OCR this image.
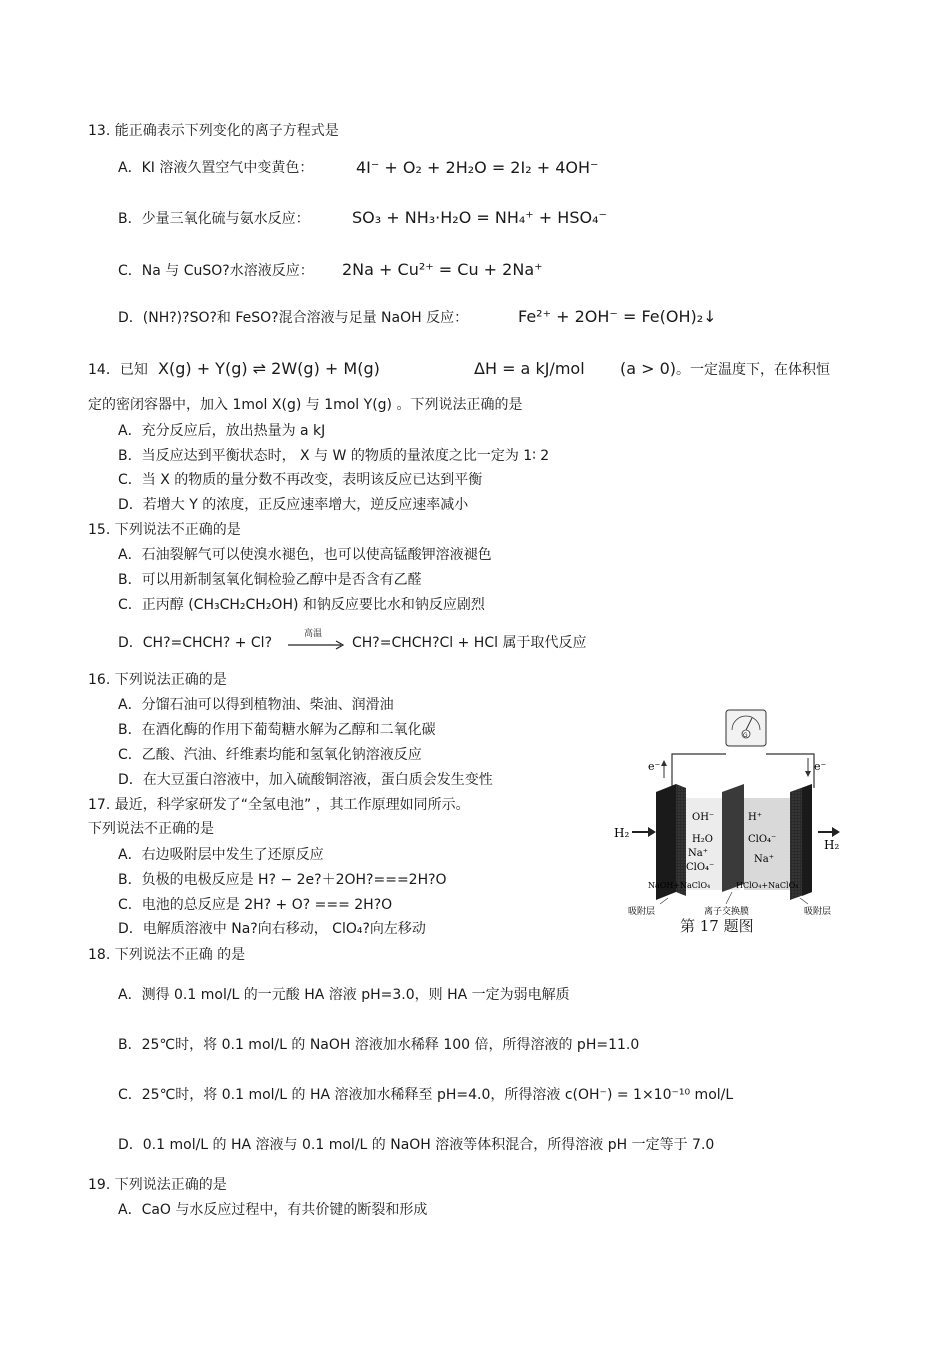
13. 能正确表示下列变化的离子方程式是
A．KI 溶液久置空气中变黄色：	4I⁻ + O₂ + 2H₂O = 2I₂ + 4OH⁻
B．少量三氧化硫与氨水反应：	SO₃ + NH₃·H₂O = NH₄⁺ + HSO₄⁻
C．Na 与 CuSO?水溶液反应： 2Na + Cu²⁺ = Cu + 2Na⁺
D．(NH?)?SO?和 FeSO?混合溶液与足量 NaOH 反应：	Fe²⁺ + 2OH⁻ = Fe(OH)₂↓
14．已知 X(g) + Y(g) ⇌ 2W(g) + M(g)	ΔH = a kJ/mol (a > 0) 。一定温度下，在体积恒
定的密闭容器中，加入 1mol X(g) 与 1mol Y(g) 。下列说法正确的是
A．充分反应后，放出热量为 a kJ
B．当反应达到平衡状态时， X 与 W 的物质的量浓度之比一定为 1∶ 2
C．当 X 的物质的量分数不再改变，表明该反应已达到平衡
D．若增大 Y 的浓度，正反应速率增大，逆反应速率减小
15. 下列说法不正确的是
A．石油裂解气可以使溴水褪色，也可以使高锰酸钾溶液褪色
B．可以用新制氢氧化铜检验乙醇中是否含有乙醛
C．正丙醇 (CH₃CH₂CH₂OH) 和钠反应要比水和钠反应剧烈
D．CH?=CHCH? + Cl?
高温
CH?=CHCH?Cl + HCl 属于取代反应
16. 下列说法正确的是
A．分馏石油可以得到植物油、柴油、润滑油
B．在酒化酶的作用下葡萄糖水解为乙醇和二氧化碳
C．乙酸、汽油、纤维素均能和氢氧化钠溶液反应
D．在大豆蛋白溶液中，加入硫酸铜溶液，蛋白质会发生变性
17. 最近，科学家研发了“全氢电池” ，其工作原理如同所示。
下列说法不正确的是
A．右边吸附层中发生了还原反应
B．负极的电极反应是 H? − 2e?＋2OH?===2H?O
C．电池的总反应是 2H? + O? === 2H?O
D．电解质溶液中 Na?向右移动， ClO₄?向左移动
G
e⁻	e⁻
H₂
H₂
OH⁻
H₂O
Na⁺
ClO₄⁻
H⁺
ClO₄⁻
Na⁺
NaOH+NaClO₄	HClO₄+NaClO₄
吸附层	离子交换膜	吸附层
第 17 题图
18. 下列说法不正确 的是
A．测得 0.1 mol/L 的一元酸 HA 溶液 pH=3.0，则 HA 一定为弱电解质
B．25℃时，将 0.1 mol/L 的 NaOH 溶液加水稀释 100 倍，所得溶液的 pH=11.0
C．25℃时，将 0.1 mol/L 的 HA 溶液加水稀释至 pH=4.0，所得溶液 c(OH⁻) = 1×10⁻¹⁰ mol/L
D．0.1 mol/L 的 HA 溶液与 0.1 mol/L 的 NaOH 溶液等体积混合，所得溶液 pH 一定等于 7.0
19. 下列说法正确的是
A．CaO 与水反应过程中，有共价键的断裂和形成
